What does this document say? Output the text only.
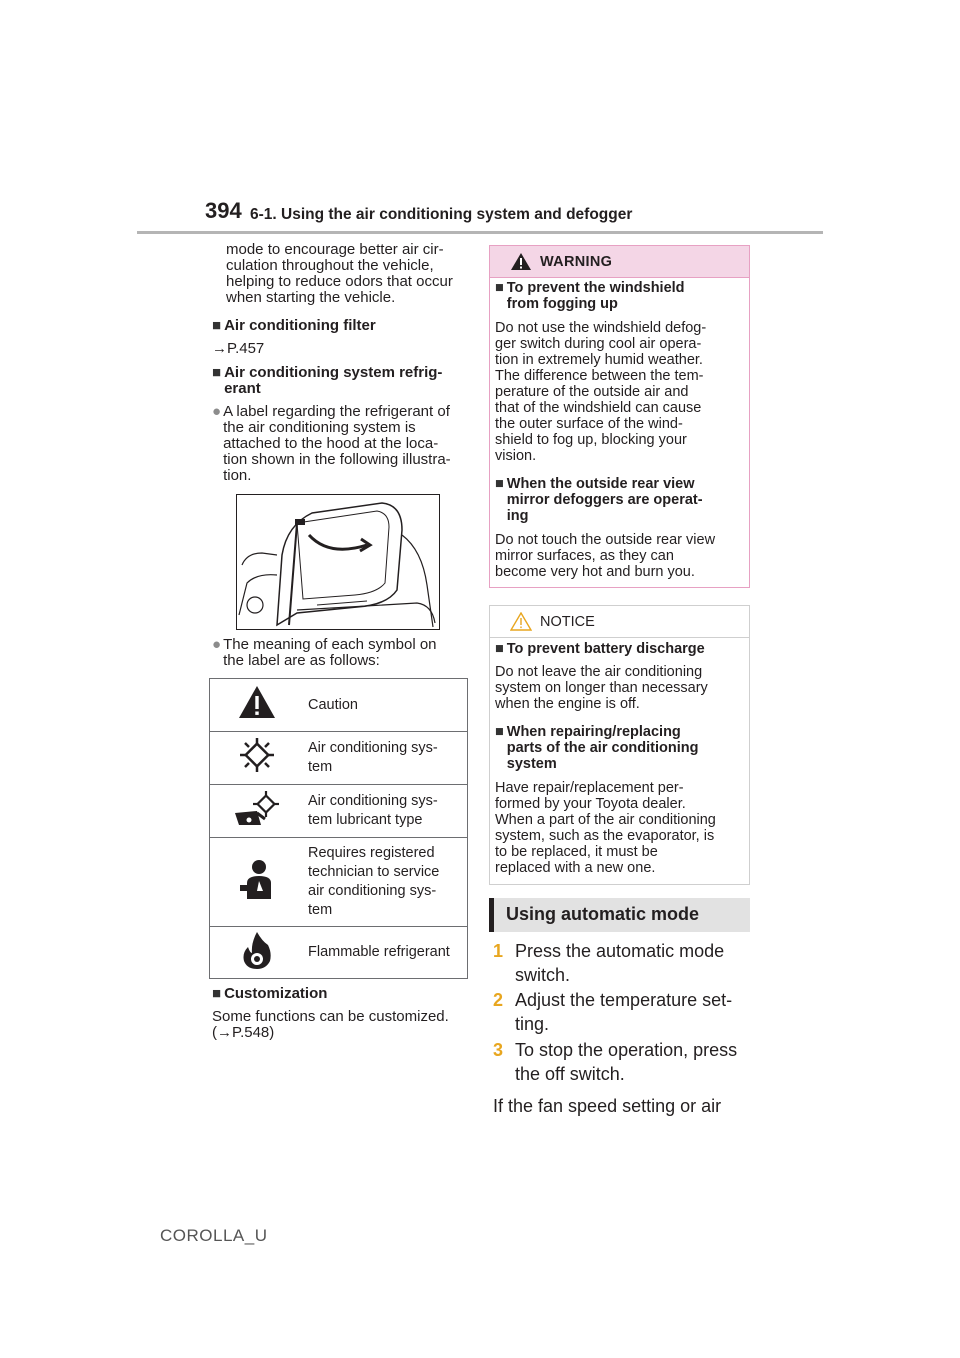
394 6-1. Using the air conditioning system and defogger
mode to encourage better air cir-
culation throughout the vehicle,
helping to reduce odors that occur
when starting the vehicle.
■ Air conditioning filter
→P.457
■ Air conditioning system refrig-
erant
● A label regarding the refrigerant of
the air conditioning system is
attached to the hood at the loca-
tion shown in the following illustra-
tion.
● The meaning of each symbol on
the label are as follows:
	Caution
	Air conditioning sys-
tem
	Air conditioning sys-
tem lubricant type
	Requires registered
technician to service
air conditioning sys-
tem
	Flammable refrigerant
■ Customization
Some functions can be customized.
(→P.548)
WARNING
■ To prevent the windshield
from fogging up
Do not use the windshield defog-
ger switch during cool air opera-
tion in extremely humid weather.
The difference between the tem-
perature of the outside air and
that of the windshield can cause
the outer surface of the wind-
shield to fog up, blocking your
vision.
■ When the outside rear view
mirror defoggers are operat-
ing
Do not touch the outside rear view
mirror surfaces, as they can
become very hot and burn you.
NOTICE
■ To prevent battery discharge
Do not leave the air conditioning
system on longer than necessary
when the engine is off.
■ When repairing/replacing
parts of the air conditioning
system
Have repair/replacement per-
formed by your Toyota dealer.
When a part of the air conditioning
system, such as the evaporator, is
to be replaced, it must be
replaced with a new one.
Using automatic mode
1 Press the automatic mode
switch.
2 Adjust the temperature set-
ting.
3 To stop the operation, press
the off switch.
If the fan speed setting or air
COROLLA_U
